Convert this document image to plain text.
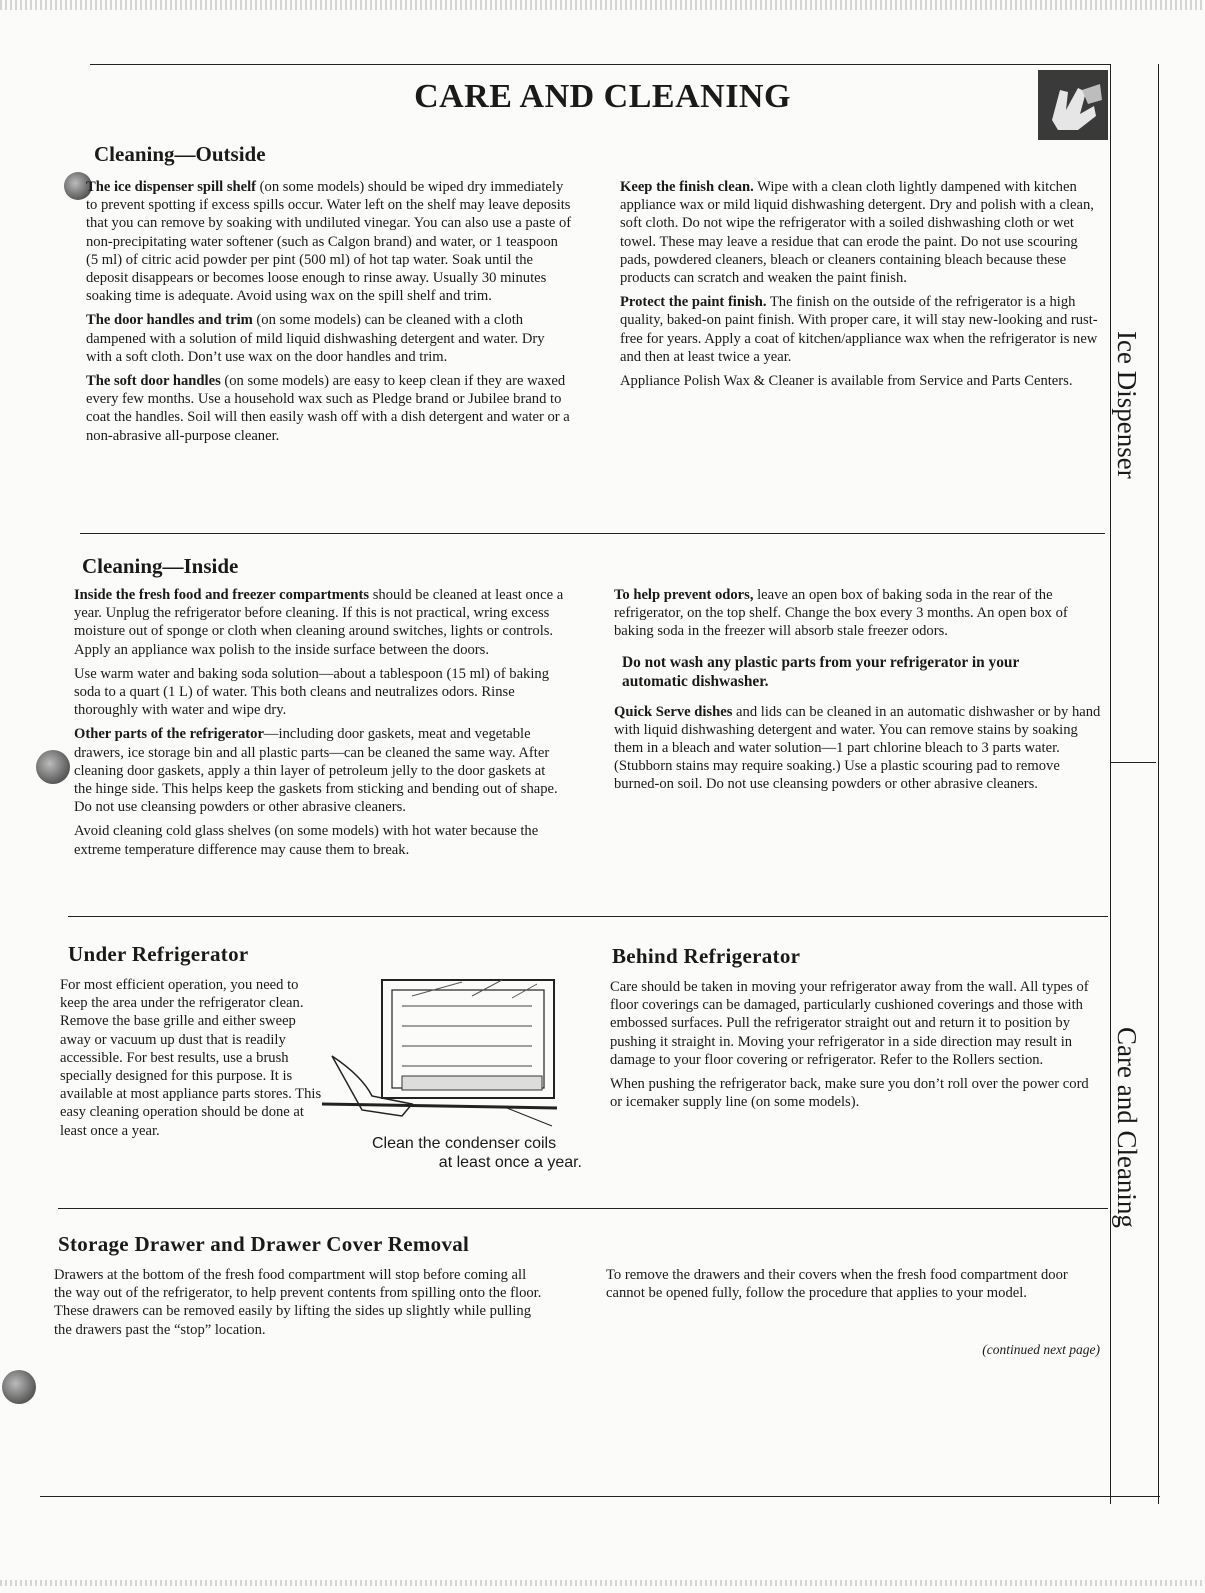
CARE AND CLEANING
Ice Dispenser
Care and Cleaning
Cleaning—Outside

The ice dispenser spill shelf (on some models) should be wiped dry immediately to prevent spotting if excess spills occur. Water left on the shelf may leave deposits that you can remove by soaking with undiluted vinegar. You can also use a paste of non-precipitating water softener (such as Calgon brand) and water, or 1 teaspoon (5 ml) of citric acid powder per pint (500 ml) of hot tap water. Soak until the deposit disappears or becomes loose enough to rinse away. Usually 30 minutes soaking time is adequate. Avoid using wax on the spill shelf and trim.

The door handles and trim (on some models) can be cleaned with a cloth dampened with a solution of mild liquid dishwashing detergent and water. Dry with a soft cloth. Don’t use wax on the door handles and trim.

The soft door handles (on some models) are easy to keep clean if they are waxed every few months. Use a household wax such as Pledge brand or Jubilee brand to coat the handles. Soil will then easily wash off with a dish detergent and water or a non-abrasive all-purpose cleaner.

Keep the finish clean. Wipe with a clean cloth lightly dampened with kitchen appliance wax or mild liquid dishwashing detergent. Dry and polish with a clean, soft cloth. Do not wipe the refrigerator with a soiled dishwashing cloth or wet towel. These may leave a residue that can erode the paint. Do not use scouring pads, powdered cleaners, bleach or cleaners containing bleach because these products can scratch and weaken the paint finish.

Protect the paint finish. The finish on the outside of the refrigerator is a high quality, baked-on paint finish. With proper care, it will stay new-looking and rust-free for years. Apply a coat of kitchen/appliance wax when the refrigerator is new and then at least twice a year.

Appliance Polish Wax & Cleaner is available from Service and Parts Centers.

Cleaning—Inside

Inside the fresh food and freezer compartments should be cleaned at least once a year. Unplug the refrigerator before cleaning. If this is not practical, wring excess moisture out of sponge or cloth when cleaning around switches, lights or controls. Apply an appliance wax polish to the inside surface between the doors.

Use warm water and baking soda solution—about a tablespoon (15 ml) of baking soda to a quart (1 L) of water. This both cleans and neutralizes odors. Rinse thoroughly with water and wipe dry.

Other parts of the refrigerator—including door gaskets, meat and vegetable drawers, ice storage bin and all plastic parts—can be cleaned the same way. After cleaning door gaskets, apply a thin layer of petroleum jelly to the door gaskets at the hinge side. This helps keep the gaskets from sticking and bending out of shape. Do not use cleansing powders or other abrasive cleaners.

Avoid cleaning cold glass shelves (on some models) with hot water because the extreme temperature difference may cause them to break.

To help prevent odors, leave an open box of baking soda in the rear of the refrigerator, on the top shelf. Change the box every 3 months. An open box of baking soda in the freezer will absorb stale freezer odors.

Do not wash any plastic parts from your refrigerator in your automatic dishwasher.

Quick Serve dishes and lids can be cleaned in an automatic dishwasher or by hand with liquid dishwashing detergent and water. You can remove stains by soaking them in a bleach and water solution—1 part chlorine bleach to 3 parts water. (Stubborn stains may require soaking.) Use a plastic scouring pad to remove burned-on soil. Do not use cleansing powders or other abrasive cleaners.

Under Refrigerator

For most efficient operation, you need to keep the area under the refrigerator clean. Remove the base grille and either sweep away or vacuum up dust that is readily accessible. For best results, use a brush specially designed for this purpose. It is available at most appliance parts stores. This easy cleaning operation should be done at least once a year.

Clean the condenser coils
at least once a year.
Behind Refrigerator

Care should be taken in moving your refrigerator away from the wall. All types of floor coverings can be damaged, particularly cushioned coverings and those with embossed surfaces. Pull the refrigerator straight out and return it to position by pushing it straight in. Moving your refrigerator in a side direction may result in damage to your floor covering or refrigerator. Refer to the Rollers section.

When pushing the refrigerator back, make sure you don’t roll over the power cord or icemaker supply line (on some models).

Storage Drawer and Drawer Cover Removal

Drawers at the bottom of the fresh food compartment will stop before coming all the way out of the refrigerator, to help prevent contents from spilling onto the floor. These drawers can be removed easily by lifting the sides up slightly while pulling the drawers past the “stop” location.

To remove the drawers and their covers when the fresh food compartment door cannot be opened fully, follow the procedure that applies to your model.

(continued next page)
